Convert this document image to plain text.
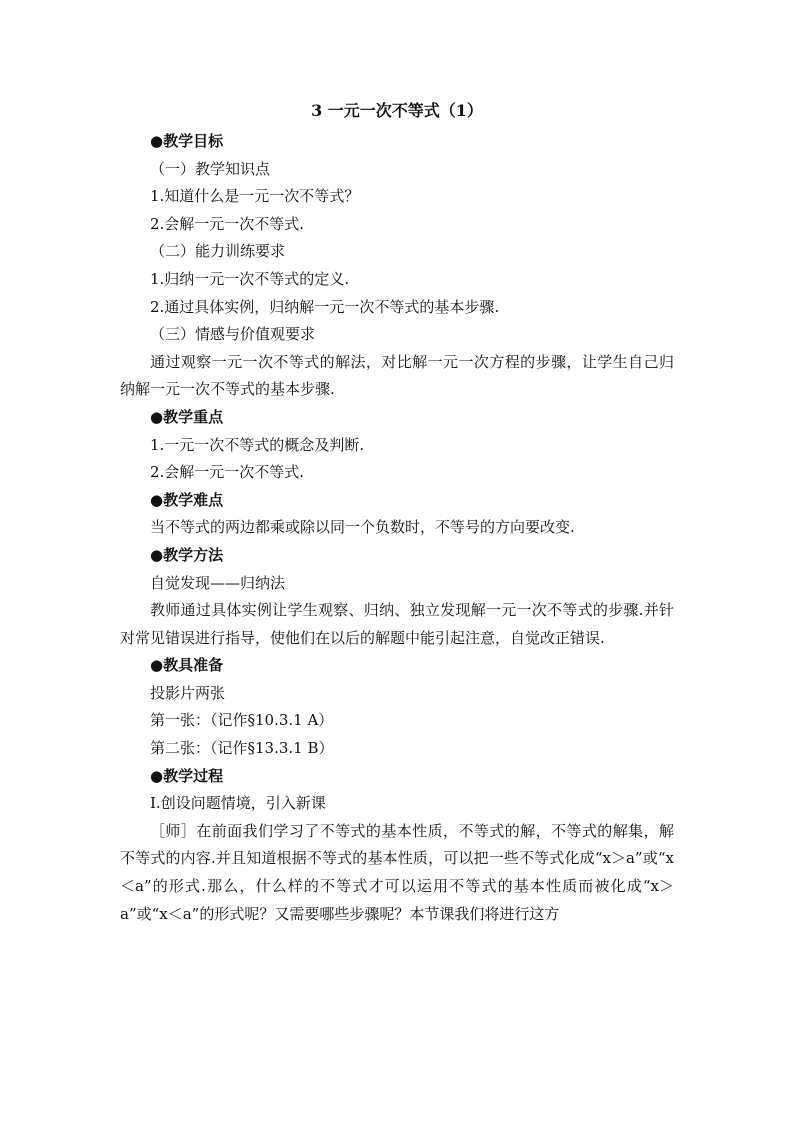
3 一元一次不等式（1）
●教学目标
（一）教学知识点
1.知道什么是一元一次不等式？
2.会解一元一次不等式.
（二）能力训练要求
1.归纳一元一次不等式的定义.
2.通过具体实例，归纳解一元一次不等式的基本步骤.
（三）情感与价值观要求

通过观察一元一次不等式的解法，对比解一元一次方程的步骤，让学生自己归纳解一元一次不等式的基本步骤.

●教学重点
1.一元一次不等式的概念及判断.
2.会解一元一次不等式.
●教学难点
当不等式的两边都乘或除以同一个负数时，不等号的方向要改变.
●教学方法
自觉发现——归纳法

教师通过具体实例让学生观察、归纳、独立发现解一元一次不等式的步骤.并针对常见错误进行指导，使他们在以后的解题中能引起注意，自觉改正错误.

●教具准备
投影片两张
第一张：（记作§10.3.1 A）
第二张：（记作§13.3.1 B）
●教学过程
Ⅰ.创设问题情境，引入新课

［师］在前面我们学习了不等式的基本性质，不等式的解，不等式的解集，解不等式的内容.并且知道根据不等式的基本性质，可以把一些不等式化成“x＞a”或“x＜a”的形式.那么，什么样的不等式才可以运用不等式的基本性质而被化成“x＞a”或“x＜a”的形式呢？又需要哪些步骤呢？本节课我们将进行这方
